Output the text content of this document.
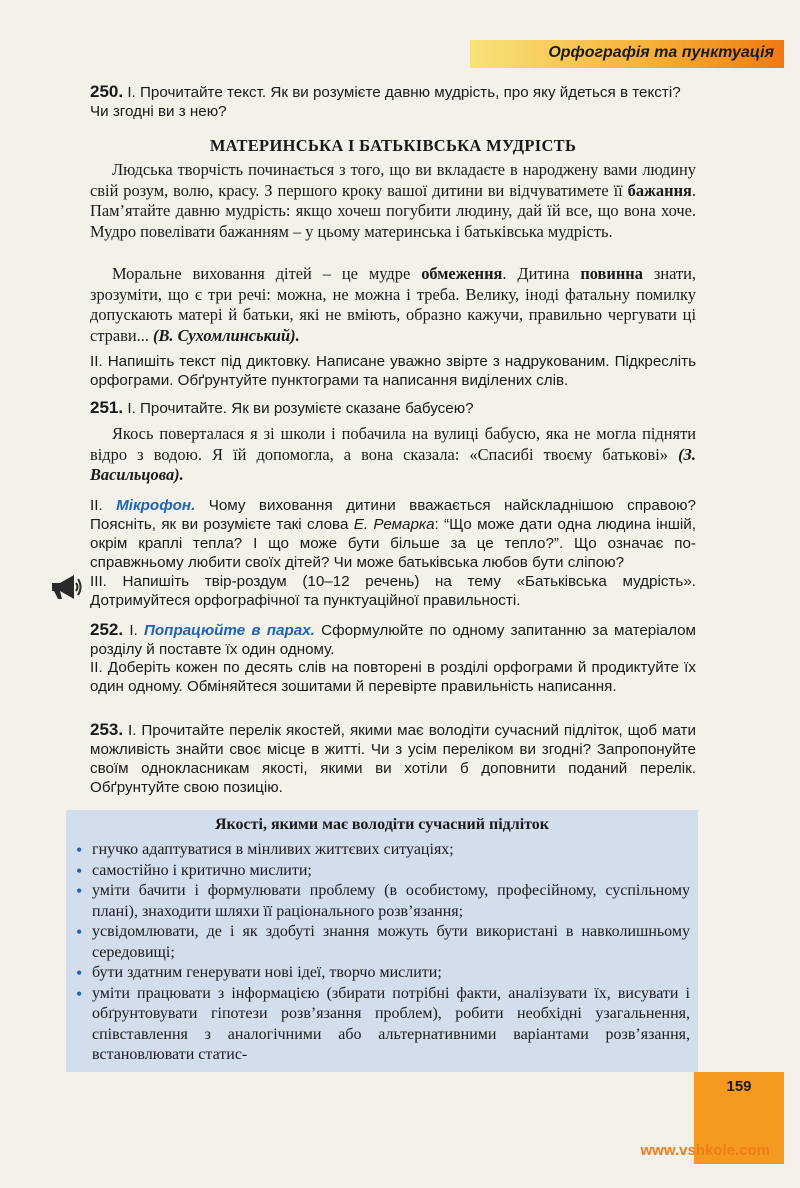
Орфографія та пунктуація
250. І. Прочитайте текст. Як ви розумієте давню мудрість, про яку йдеться в тексті? Чи згодні ви з нею?
МАТЕРИНСЬКА І БАТЬКІВСЬКА МУДРІСТЬ
Людська творчість починається з того, що ви вкладаєте в народжену вами людину свій розум, волю, красу. З першого кроку вашої дитини ви відчуватимете її бажання. Пам’ятайте давню мудрість: якщо хочеш погубити людину, дай їй все, що вона хоче. Мудро повелівати бажанням – у цьому материнська і батьківська мудрість.
Моральне виховання дітей – це мудре обмеження. Дитина повинна знати, зрозуміти, що є три речі: можна, не можна і треба. Велику, іноді фатальну помилку допускають матері й батьки, які не вміють, образно кажучи, правильно чергувати ці страви... (В. Сухомлинський).
ІІ. Напишіть текст під диктовку. Написане уважно звірте з надрукованим. Підкресліть орфограми. Обґрунтуйте пунктограми та написання виділених слів.
251. І. Прочитайте. Як ви розумієте сказане бабусею?
Якось поверталася я зі школи і побачила на вулиці бабусю, яка не могла підняти відро з водою. Я їй допомогла, а вона сказала: «Спасибі твоєму батькові» (З. Васильцова).
ІІ. Мікрофон. Чому виховання дитини вважається найскладнішою справою? Поясніть, як ви розумієте такі слова Е. Ремарка: “Що може дати одна людина іншій, окрім краплі тепла? І що може бути більше за це тепло?”. Що означає по-справжньому любити своїх дітей? Чи може батьківська любов бути сліпою?
ІІІ. Напишіть твір-роздум (10–12 речень) на тему «Батьківська мудрість». Дотримуйтеся орфографічної та пунктуаційної правильності.
252. І. Попрацюйте в парах. Сформулюйте по одному запитанню за матеріалом розділу й поставте їх один одному.
ІІ. Доберіть кожен по десять слів на повторені в розділі орфограми й продиктуйте їх один одному. Обміняйтеся зошитами й перевірте правильність написання.
253. І. Прочитайте перелік якостей, якими має володіти сучасний підліток, щоб мати можливість знайти своє місце в житті. Чи з усім переліком ви згодні? Запропонуйте своїм однокласникам якості, якими ви хотіли б доповнити поданий перелік. Обґрунтуйте свою позицію.
Якості, якими має володіти сучасний підліток
• гнучко адаптуватися в мінливих життєвих ситуаціях;
• самостійно і критично мислити;
• уміти бачити і формулювати проблему (в особистому, професійному, суспільному плані), знаходити шляхи її раціонального розв’язання;
• усвідомлювати, де і як здобуті знання можуть бути використані в навколишньому середовищі;
• бути здатним генерувати нові ідеї, творчо мислити;
• уміти працювати з інформацією (збирати потрібні факти, аналізувати їх, висувати і обґрунтовувати гіпотези розв’язання проблем), робити необхідні узагальнення, співставлення з аналогічними або альтернативними варіантами розв’язання, встановлювати статис-
159
www.vshkole.com
